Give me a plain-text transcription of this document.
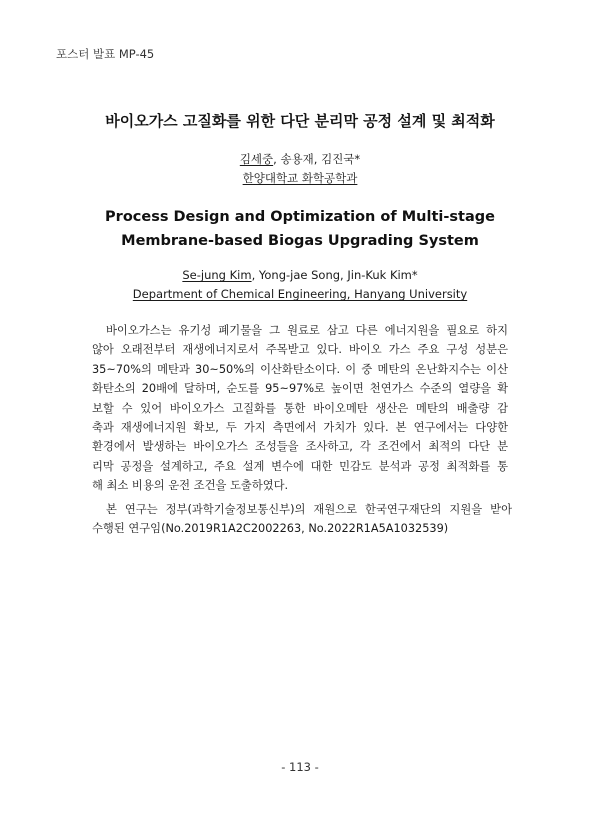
포스터 발표 MP-45
바이오가스 고질화를 위한 다단 분리막 공정 설계 및 최적화
김세중, 송용재, 김진국*
한양대학교 화학공학과
Process Design and Optimization of Multi-stage
Membrane-based Biogas Upgrading System
Se-jung Kim, Yong-jae Song, Jin-Kuk Kim*
Department of Chemical Engineering, Hanyang University
바이오가스는 유기성 폐기물을 그 원료로 삼고 다른 에너지원을 필요로 하지
않아 오래전부터 재생에너지로서 주목받고 있다. 바이오 가스 주요 구성 성분은
35~70%의 메탄과 30~50%의 이산화탄소이다. 이 중 메탄의 온난화지수는 이산
화탄소의 20배에 달하며, 순도를 95~97%로 높이면 천연가스 수준의 열량을 확
보할 수 있어 바이오가스 고질화를 통한 바이오메탄 생산은 메탄의 배출량 감
축과 재생에너지원 확보, 두 가지 측면에서 가치가 있다. 본 연구에서는 다양한
환경에서 발생하는 바이오가스 조성들을 조사하고, 각 조건에서 최적의 다단 분
리막 공정을 설계하고, 주요 설계 변수에 대한 민감도 분석과 공정 최적화를 통
해 최소 비용의 운전 조건을 도출하였다.
본 연구는 정부(과학기술정보통신부)의 재원으로 한국연구재단의 지원을 받아
수행된 연구임(No.2019R1A2C2002263, No.2022R1A5A1032539)
- 113 -
